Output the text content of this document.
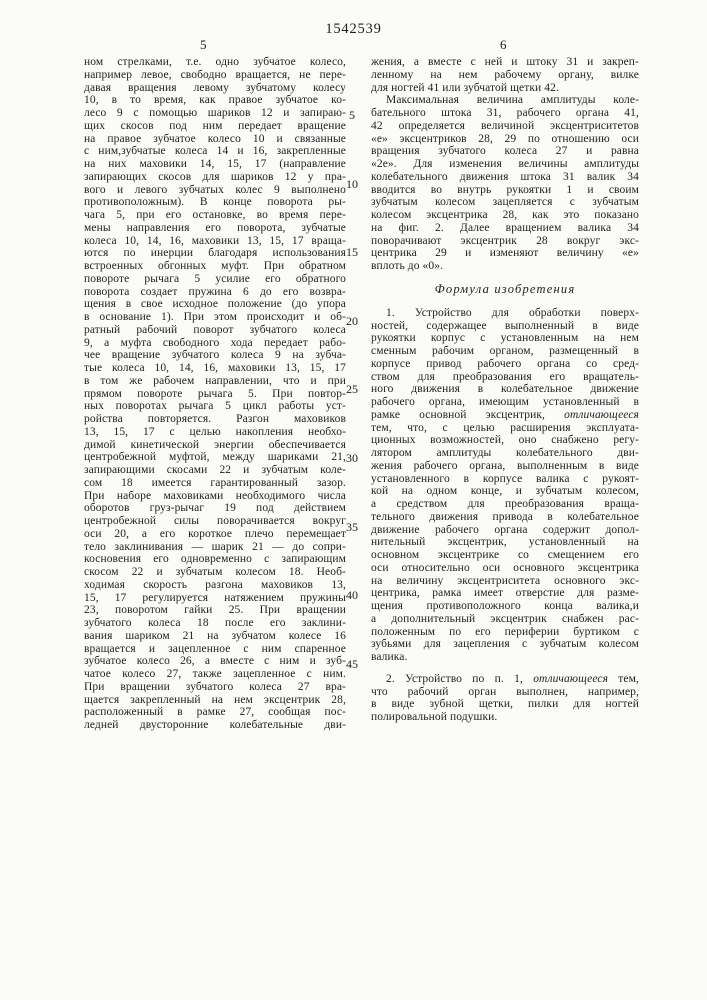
1542539
5	6
ном стрелками, т.е. одно зубчатое колесо,
например левое, свободно вращается, не пере-
давая вращения левому зубчатому колесу
10, в то время, как правое зубчатое ко-
лесо 9 с помощью шариков 12 и запираю-
щих скосов под ним передает вращение
на правое зубчатое колесо 10 и связанные
с ним,зубчатые колеса 14 и 16, закрепленные
на них маховики 14, 15, 17 (направление
запирающих скосов для шариков 12 у пра-
вого и левого зубчатых колес 9 выполнено
противоположным). В конце поворота ры-
чага 5, при его остановке, во время пере-
мены направления его поворота, зубчатые
колеса 10, 14, 16, маховики 13, 15, 17 враща-
ются по инерции благодаря использования
встроенных обгонных муфт. При обратном
повороте рычага 5 усилие его обратного
поворота создает пружина 6 до его возвра-
щения в свое исходное положение (до упора
в основание 1). При этом происходит и об-
ратный рабочий поворот зубчатого колеса
9, а муфта свободного хода передает рабо-
чее вращение зубчатого колеса 9 на зубча-
тые колеса 10, 14, 16, маховики 13, 15, 17
в том же рабочем направлении, что и при
прямом повороте рычага 5. При повтор-
ных поворотах рычага 5 цикл работы уст-
ройства повторяется. Разгон маховиков
13, 15, 17 с целью накопления необхо-
димой кинетической энергии обеспечивается
центробежной муфтой, между шариками 21,
запирающими скосами 22 и зубчатым коле-
сом 18 имеется гарантированный зазор.
При наборе маховиками необходимого числа
оборотов груз-рычаг 19 под действием
центробежной силы поворачивается вокруг
оси 20, а его короткое плечо перемещает
тело заклинивания — шарик 21 — до сопри-
косновения его одновременно с запирающим
скосом 22 и зубчатым колесом 18. Необ-
ходимая скорость разгона маховиков 13,
15, 17 регулируется натяжением пружины
23, поворотом гайки 25. При вращении
зубчатого колеса 18 после его заклини-
вания шариком 21 на зубчатом колесе 16
вращается и зацепленное с ним спаренное
зубчатое колесо 26, а вместе с ним и зуб-
чатое колесо 27, также зацепленное с ним.
При вращении зубчатого колеса 27 вра-
щается закрепленный на нем эксцентрик 28,
расположенный в рамке 27, сообщая пос-
ледней двусторонние колебательные дви-
жения, а вместе с ней и штоку 31 и закреп-
ленному на нем рабочему органу, вилке
для ногтей 41 или зубчатой щетки 42.
Максимальная величина амплитуды коле-
бательного штока 31, рабочего органа 41,
42 определяется величиной эксцентриситетов
«е» эксцентриков 28, 29 по отношению оси
вращения зубчатого колеса 27 и равна
«2е». Для изменения величины амплитуды
колебательного движения штока 31 валик 34
вводится во внутрь рукоятки 1 и своим
зубчатым колесом зацепляется с зубчатым
колесом эксцентрика 28, как это показано
на фиг. 2. Далее вращением валика 34
поворачивают эксцентрик 28 вокруг экс-
центрика 29 и изменяют величину «е»
вплоть до «0».
Формула изобретения
1. Устройство для обработки поверх-
ностей, содержащее выполненный в виде
рукоятки корпус с установленным на нем
сменным рабочим органом, размещенный в
корпусе привод рабочего органа со сред-
ством для преобразования его вращатель-
ного движения в колебательное движение
рабочего органа, имеющим установленный в
рамке основной эксцентрик, отличающееся
тем, что, с целью расширения эксплуата-
ционных возможностей, оно снабжено регу-
лятором амплитуды колебательного дви-
жения рабочего органа, выполненным в виде
установленного в корпусе валика с рукоят-
кой на одном конце, и зубчатым колесом,
а средством для преобразования враща-
тельного движения привода в колебательное
движение рабочего органа содержит допол-
нительный эксцентрик, установленный на
основном эксцентрике со смещением его
оси относительно оси основного эксцентрика
на величину эксцентриситета основного экс-
центрика, рамка имеет отверстие для разме-
щения противоположного конца валика,и
а дополнительный эксцентрик снабжен рас-
положенным по его периферии буртиком с
зубьями для зацепления с зубчатым колесом
валика.
2. Устройство по п. 1, отличающееся тем,
что рабочий орган выполнен, например,
в виде зубной щетки, пилки для ногтей
полировальной подушки.
5
10
15
20
25
30
35
40
45
